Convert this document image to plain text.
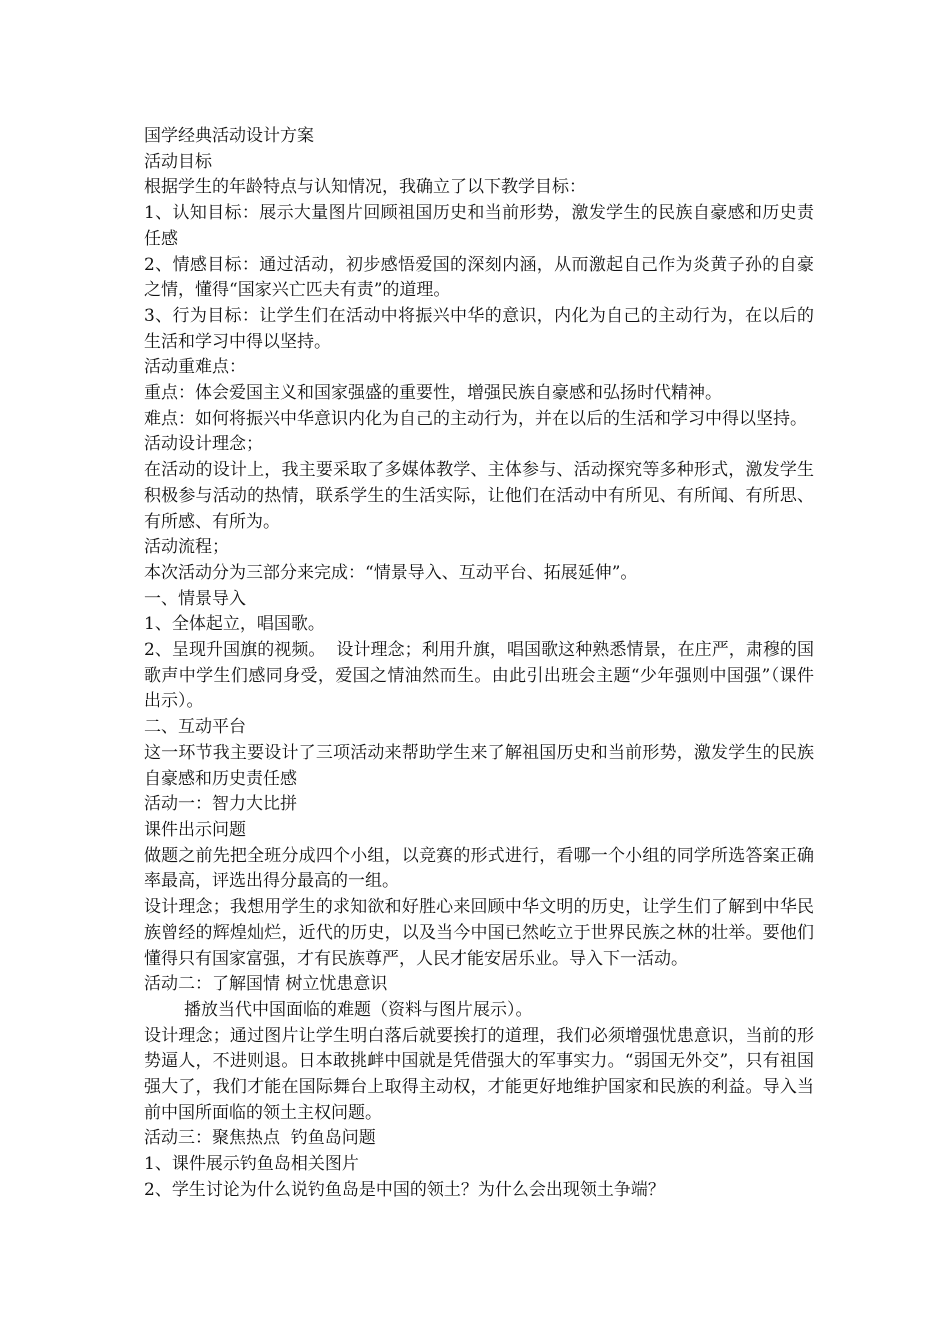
国学经典活动设计方案
活动目标
根据学生的年龄特点与认知情况，我确立了以下教学目标：
1、认知目标：展示大量图片回顾祖国历史和当前形势，激发学生的民族自豪感和历史责任感
2、情感目标：通过活动，初步感悟爱国的深刻内涵，从而激起自己作为炎黄子孙的自豪之情，懂得“国家兴亡匹夫有责”的道理。
3、行为目标：让学生们在活动中将振兴中华的意识，内化为自己的主动行为，在以后的生活和学习中得以坚持。
活动重难点：
重点：体会爱国主义和国家强盛的重要性，增强民族自豪感和弘扬时代精神。
难点：如何将振兴中华意识内化为自己的主动行为，并在以后的生活和学习中得以坚持。
活动设计理念；
在活动的设计上，我主要采取了多媒体教学、主体参与、活动探究等多种形式，激发学生积极参与活动的热情，联系学生的生活实际，让他们在活动中有所见、有所闻、有所思、有所感、有所为。
活动流程；
本次活动分为三部分来完成：“情景导入、互动平台、拓展延伸”。
一、情景导入
1、全体起立，唱国歌。
2、呈现升国旗的视频。  设计理念；利用升旗，唱国歌这种熟悉情景，在庄严，肃穆的国歌声中学生们感同身受，爱国之情油然而生。由此引出班会主题“少年强则中国强”（课件出示）。
二、互动平台
这一环节我主要设计了三项活动来帮助学生来了解祖国历史和当前形势，激发学生的民族自豪感和历史责任感
活动一：智力大比拼
课件出示问题
做题之前先把全班分成四个小组，以竞赛的形式进行，看哪一个小组的同学所选答案正确率最高，评选出得分最高的一组。
设计理念；我想用学生的求知欲和好胜心来回顾中华文明的历史，让学生们了解到中华民族曾经的辉煌灿烂，近代的历史，以及当今中国已然屹立于世界民族之林的壮举。要他们懂得只有国家富强，才有民族尊严，人民才能安居乐业。导入下一活动。
活动二：了解国情 树立忧患意识
播放当代中国面临的难题（资料与图片展示）。
设计理念；通过图片让学生明白落后就要挨打的道理，我们必须增强忧患意识，当前的形势逼人，不进则退。日本敢挑衅中国就是凭借强大的军事实力。“弱国无外交”，只有祖国强大了，我们才能在国际舞台上取得主动权，才能更好地维护国家和民族的利益。导入当前中国所面临的领土主权问题。
活动三：聚焦热点  钓鱼岛问题
1、课件展示钓鱼岛相关图片
2、学生讨论为什么说钓鱼岛是中国的领土？为什么会出现领土争端？
